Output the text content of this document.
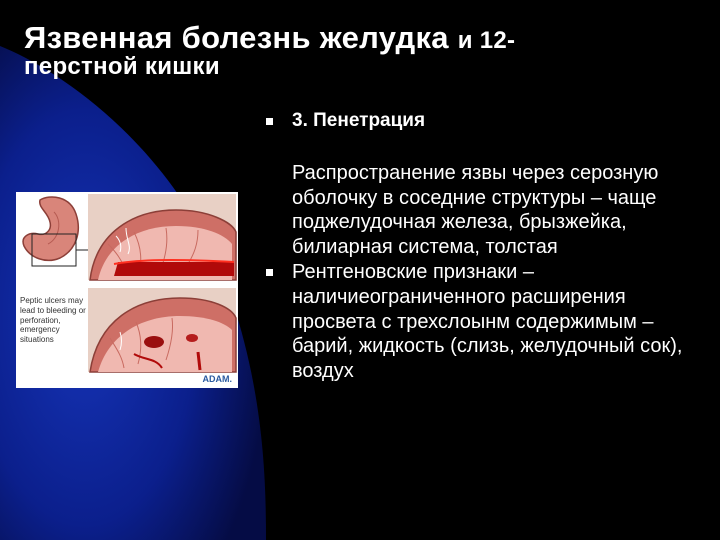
Язвенная болезнь желудка и 12-
перстной кишки
3. Пенетрация
Распространение язвы через серозную оболочку в соседние структуры – чаще поджелудочная железа, брызжейка, билиарная система, толстая
Рентгеновские признаки – наличиеограниченного расширения просвета с трехслоынм содержимым – барий, жидкость (слизь, желудочный сок), воздух
Peptic ulcers may lead to bleeding or perforation, emergency situations
ADAM.
